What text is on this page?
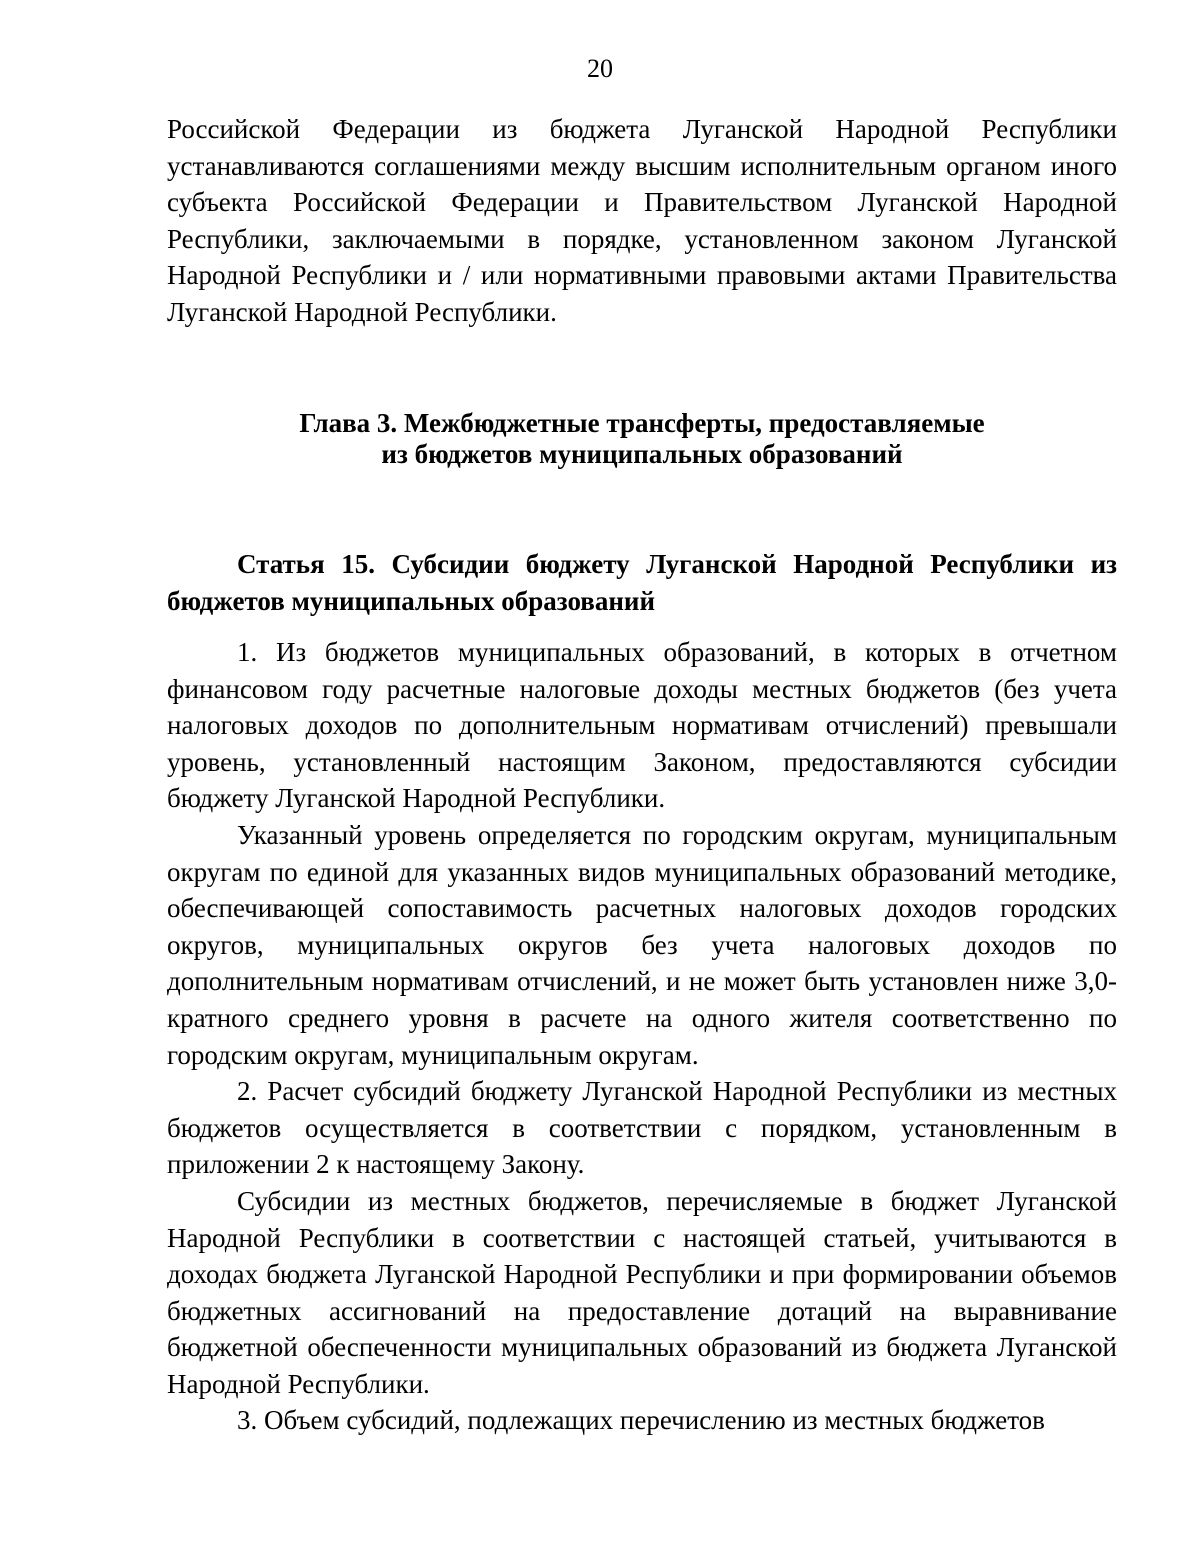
20

Российской Федерации из бюджета Луганской Народной Республики устанавливаются соглашениями между высшим исполнительным органом иного субъекта Российской Федерации и Правительством Луганской Народной Республики, заключаемыми в порядке, установленном законом Луганской Народной Республики и / или нормативными правовыми актами Правительства Луганской Народной Республики.

Глава 3. Межбюджетные трансферты, предоставляемые
из бюджетов муниципальных образований
Статья 15. Субсидии бюджету Луганской Народной Республики из бюджетов муниципальных образований

1. Из бюджетов муниципальных образований, в которых в отчетном финансовом году расчетные налоговые доходы местных бюджетов (без учета налоговых доходов по дополнительным нормативам отчислений) превышали уровень, установленный настоящим Законом, предоставляются субсидии бюджету Луганской Народной Республики.

Указанный уровень определяется по городским округам, муниципальным округам по единой для указанных видов муниципальных образований методике, обеспечивающей сопоставимость расчетных налоговых доходов городских округов, муниципальных округов без учета налоговых доходов по дополнительным нормативам отчислений, и не может быть установлен ниже 3,0-кратного среднего уровня в расчете на одного жителя соответственно по городским округам, муниципальным округам.

2. Расчет субсидий бюджету Луганской Народной Республики из местных бюджетов осуществляется в соответствии с порядком, установленным в приложении 2 к настоящему Закону.

Субсидии из местных бюджетов, перечисляемые в бюджет Луганской Народной Республики в соответствии с настоящей статьей, учитываются в доходах бюджета Луганской Народной Республики и при формировании объемов бюджетных ассигнований на предоставление дотаций на выравнивание бюджетной обеспеченности муниципальных образований из бюджета Луганской Народной Республики.

3. Объем субсидий, подлежащих перечислению из местных бюджетов
